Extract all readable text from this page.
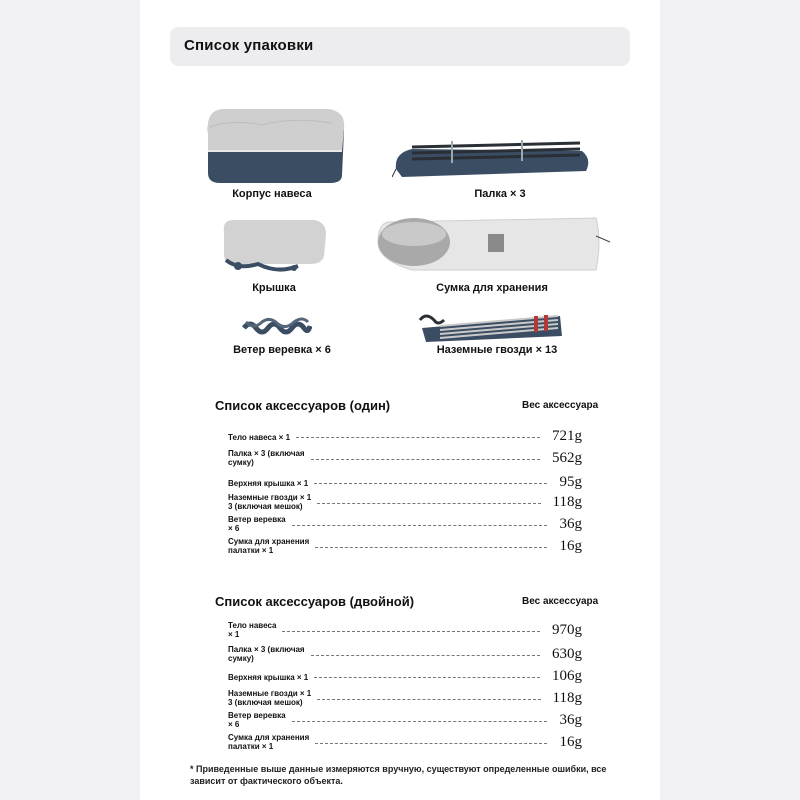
Список упаковки
Корпус навеса	Палка × 3
Крышка	Сумка для хранения
Ветер веревка × 6	Наземные гвозди × 13
Список аксессуаров (один)	Вес аксессуара
Тело навеса × 1	721g
Палка × 3 (включая
сумку)	562g
Верхняя крышка × 1	95g
Наземные гвозди × 1
3 (включая мешок)	118g
Ветер веревка
× 6	36g
Сумка для хранения
палатки × 1	16g
Список аксессуаров (двойной)	Вес аксессуара
Тело навеса
× 1	970g
Палка × 3 (включая
сумку)	630g
Верхняя крышка × 1	106g
Наземные гвозди × 1
3 (включая мешок)	118g
Ветер веревка
× 6	36g
Сумка для хранения
палатки × 1	16g
* Приведенные выше данные измеряются вручную, существуют определенные ошибки, все зависит от фактического объекта.
